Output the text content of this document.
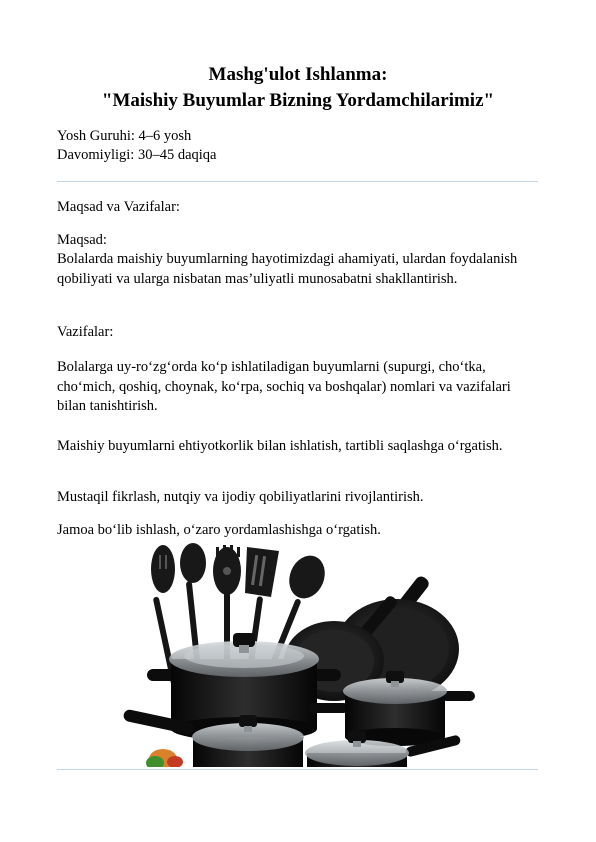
Mashg'ulot Ishlanma:
"Maishiy Buyumlar Bizning Yordamchilarimiz"
Yosh Guruhi: 4–6 yosh
Davomiyligi: 30–45 daqiqa

Maqsad va Vazifalar:

Maqsad:

Bolalarda maishiy buyumlarning hayotimizdagi ahamiyati, ulardan foydalanish qobiliyati va ularga nisbatan mas’uliyatli munosabatni shakllantirish.

Vazifalar:

Bolalarga uy-ro‘zg‘orda ko‘p ishlatiladigan buyumlarni (supurgi, cho‘tka, cho‘mich, qoshiq, choynak, ko‘rpa, sochiq va boshqalar) nomlari va vazifalari bilan tanishtirish.

Maishiy buyumlarni ehtiyotkorlik bilan ishlatish, tartibli saqlashga o‘rgatish.

Mustaqil fikrlash, nutqiy va ijodiy qobiliyatlarini rivojlantirish.

Jamoa bo‘lib ishlash, o‘zaro yordamlashishga o‘rgatish.
